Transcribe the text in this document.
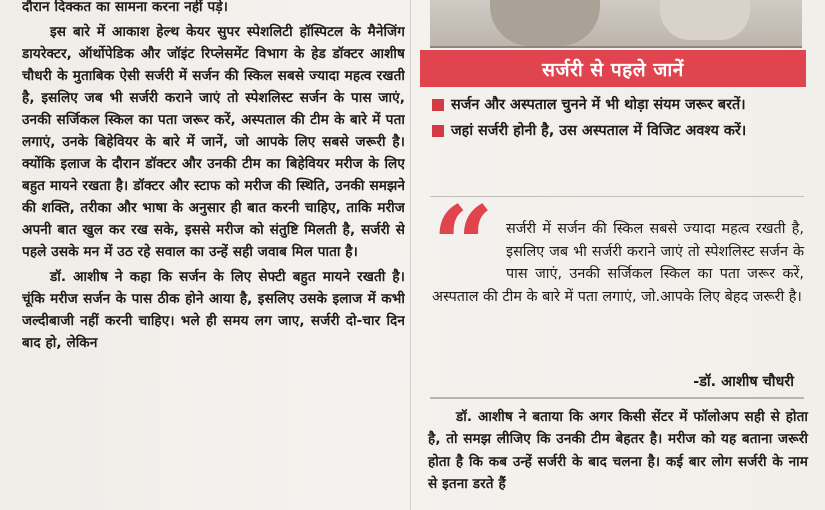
दौरान दिक्कत का सामना करना नहीं पड़े।

इस बारे में आकाश हेल्थ केयर सुपर स्पेशलिटी हॉस्पिटल के मैनेजिंग डायरेक्टर, ऑर्थोपेडिक और जॉइंट रिप्लेसमेंट विभाग के हेड डॉक्टर आशीष चौधरी के मुताबिक ऐसी सर्जरी में सर्जन की स्किल सबसे ज्यादा महत्व रखती है, इसलिए जब भी सर्जरी कराने जाएं तो स्पेशलिस्ट सर्जन के पास जाएं, उनकी सर्जिकल स्किल का पता जरूर करें, अस्पताल की टीम के बारे में पता लगाएं, उनके बिहेवियर के बारे में जानें, जो आपके लिए सबसे जरूरी है। क्योंकि इलाज के दौरान डॉक्टर और उनकी टीम का बिहेवियर मरीज के लिए बहुत मायने रखता है। डॉक्टर और स्टाफ को मरीज की स्थिति, उनकी समझने की शक्ति, तरीका और भाषा के अनुसार ही बात करनी चाहिए, ताकि मरीज अपनी बात खुल कर रख सके, इससे मरीज को संतुष्टि मिलती है, सर्जरी से पहले उसके मन में उठ रहे सवाल का उन्हें सही जवाब मिल पाता है।

डॉ. आशीष ने कहा कि सर्जन के लिए सेफ्टी बहुत मायने रखती है। चूंकि मरीज सर्जन के पास ठीक होने आया है, इसलिए उसके इलाज में कभी जल्दीबाजी नहीं करनी चाहिए। भले ही समय लग जाए, सर्जरी दो-चार दिन बाद हो, लेकिन

सर्जरी से पहले जानें
सर्जन और अस्पताल चुनने में भी थोड़ा संयम जरूर बरतें।
जहां सर्जरी होनी है, उस अस्पताल में विजिट अवश्य करें।
“ सर्जरी में सर्जन की स्किल सबसे ज्यादा महत्व रखती है, इसलिए जब भी सर्जरी कराने जाएं तो स्पेशलिस्ट सर्जन के पास जाएं, उनकी सर्जिकल स्किल का पता जरूर करें, अस्पताल की टीम के बारे में पता लगाएं, जो.आपके लिए बेहद जरूरी है।

-डॉ. आशीष चौधरी

डॉ. आशीष ने बताया कि अगर किसी सेंटर में फॉलोअप सही से होता है, तो समझ लीजिए कि उनकी टीम बेहतर है। मरीज को यह बताना जरूरी होता है कि कब उन्हें सर्जरी के बाद चलना है। कई बार लोग सर्जरी के नाम से इतना डरते हैं
